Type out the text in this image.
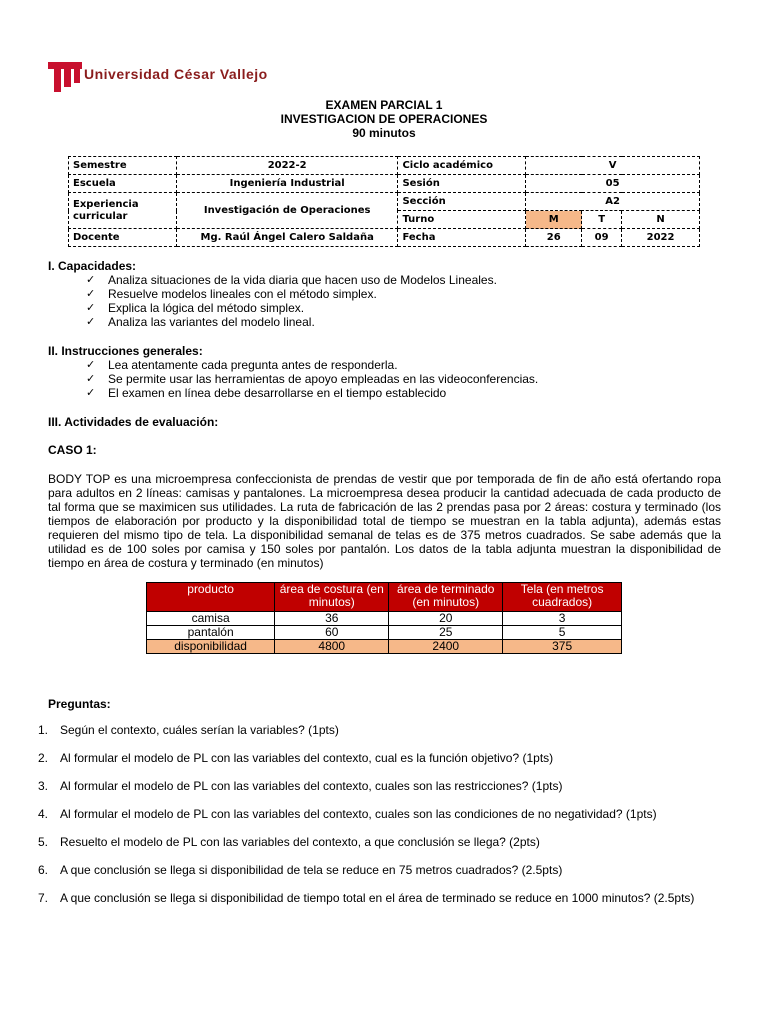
Universidad César Vallejo
EXAMEN PARCIAL 1
INVESTIGACION DE OPERACIONES
90 minutos
Semestre	2022-2	Ciclo académico	V		
Escuela	Ingeniería Industrial	Sesión	05		
Experiencia curricular	Investigación de Operaciones	Sección	A2		
		Turno	M	T	N
Docente	Mg. Raúl Ángel Calero Saldaña	Fecha	26	09	2022
I. Capacidades:
✓ Analiza situaciones de la vida diaria que hacen uso de Modelos Lineales.
✓ Resuelve modelos lineales con el método simplex.
✓ Explica la lógica del método simplex.
✓ Analiza las variantes del modelo lineal.
II. Instrucciones generales:
✓ Lea atentamente cada pregunta antes de responderla.
✓ Se permite usar las herramientas de apoyo empleadas en las videoconferencias.
✓ El examen en línea debe desarrollarse en el tiempo establecido
III. Actividades de evaluación:
CASO 1:
BODY TOP es una microempresa confeccionista de prendas de vestir que por temporada de fin de año está ofertando ropa para adultos en 2 líneas: camisas y pantalones. La microempresa desea producir la cantidad adecuada de cada producto de tal forma que se maximicen sus utilidades. La ruta de fabricación de las 2 prendas pasa por 2 áreas: costura y terminado (los tiempos de elaboración por producto y la disponibilidad total de tiempo se muestran en la tabla adjunta), además estas requieren del mismo tipo de tela. La disponibilidad semanal de telas es de 375 metros cuadrados. Se sabe además que la utilidad es de 100 soles por camisa y 150 soles por pantalón. Los datos de la tabla adjunta muestran la disponibilidad de tiempo en área de costura y terminado (en minutos)
producto	área de costura (en minutos)	área de terminado (en minutos)	Tela (en metros cuadrados)
camisa	36	20	3
pantalón	60	25	5
disponibilidad	4800	2400	375
Preguntas:
1. Según el contexto, cuáles serían la variables? (1pts)
2. Al formular el modelo de PL con las variables del contexto, cual es la función objetivo? (1pts)
3. Al formular el modelo de PL con las variables del contexto, cuales son las restricciones? (1pts)
4. Al formular el modelo de PL con las variables del contexto, cuales son las condiciones de no negatividad? (1pts)
5. Resuelto el modelo de PL con las variables del contexto, a que conclusión se llega? (2pts)
6. A que conclusión se llega si disponibilidad de tela se reduce en 75 metros cuadrados? (2.5pts)
7. A que conclusión se llega si disponibilidad de tiempo total en el área de terminado se reduce en 1000 minutos? (2.5pts)
